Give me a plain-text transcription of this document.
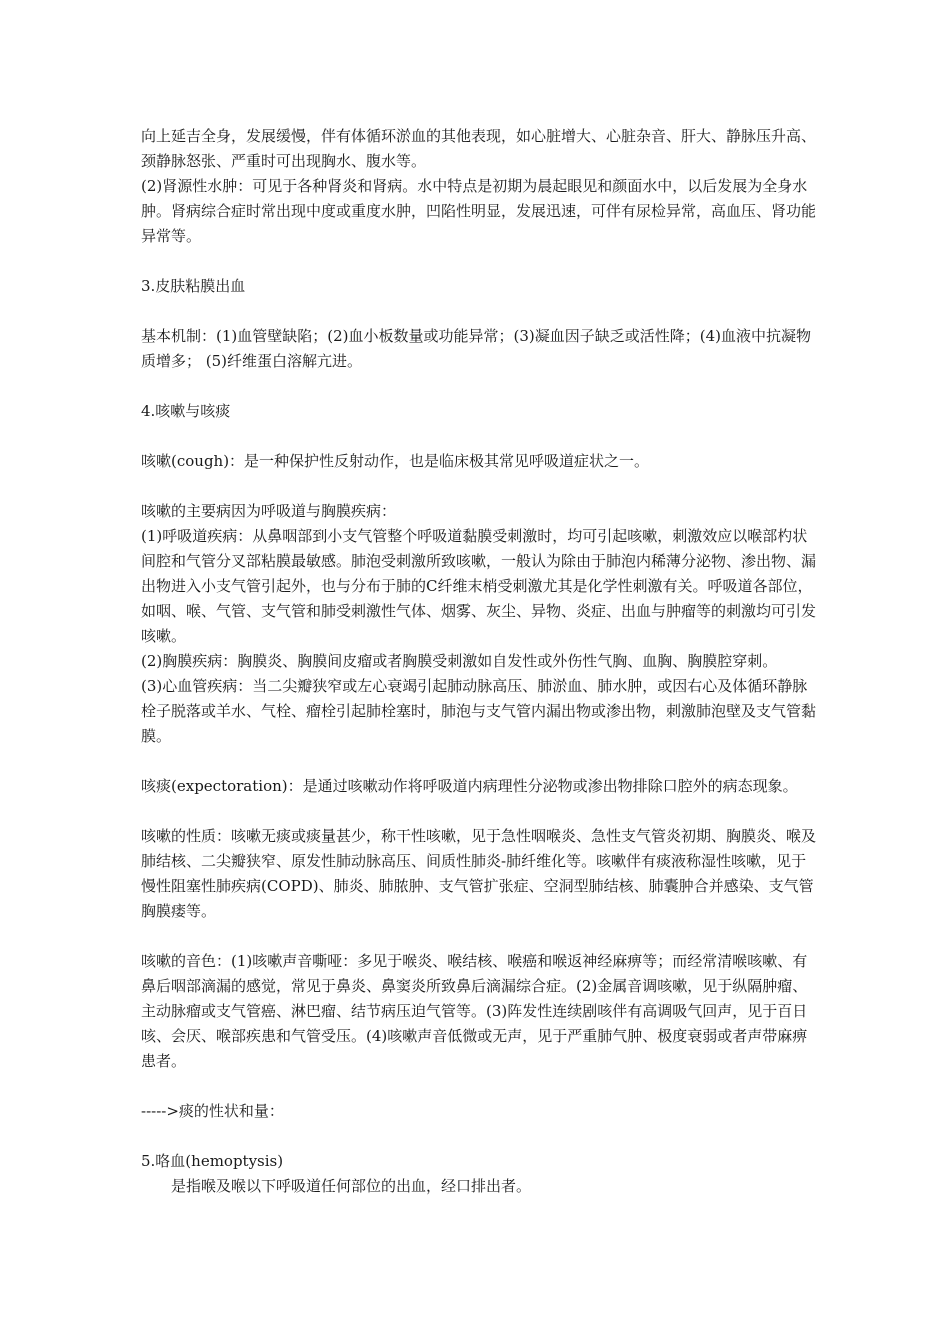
向上延吉全身，发展缓慢，伴有体循环淤血的其他表现，如心脏增大、心脏杂音、肝大、静脉压升高、颈静脉怒张、严重时可出现胸水、腹水等。

(2)肾源性水肿：可见于各种肾炎和肾病。水中特点是初期为晨起眼见和颜面水中，以后发展为全身水肿。肾病综合症时常出现中度或重度水肿，凹陷性明显，发展迅速，可伴有尿检异常，高血压、肾功能异常等。

3.皮肤粘膜出血

基本机制：(1)血管壁缺陷；(2)血小板数量或功能异常；(3)凝血因子缺乏或活性降；(4)血液中抗凝物质增多； (5)纤维蛋白溶解亢进。

4.咳嗽与咳痰

咳嗽(cough)：是一种保护性反射动作，也是临床极其常见呼吸道症状之一。

咳嗽的主要病因为呼吸道与胸膜疾病：

(1)呼吸道疾病：从鼻咽部到小支气管整个呼吸道黏膜受刺激时，均可引起咳嗽，刺激效应以喉部杓状间腔和气管分叉部粘膜最敏感。肺泡受刺激所致咳嗽，一般认为除由于肺泡内稀薄分泌物、渗出物、漏出物进入小支气管引起外，也与分布于肺的C纤维末梢受刺激尤其是化学性刺激有关。呼吸道各部位，如咽、喉、气管、支气管和肺受刺激性气体、烟雾、灰尘、异物、炎症、出血与肿瘤等的刺激均可引发咳嗽。

(2)胸膜疾病：胸膜炎、胸膜间皮瘤或者胸膜受刺激如自发性或外伤性气胸、血胸、胸膜腔穿刺。

(3)心血管疾病：当二尖瓣狭窄或左心衰竭引起肺动脉高压、肺淤血、肺水肿，或因右心及体循环静脉栓子脱落或羊水、气栓、瘤栓引起肺栓塞时，肺泡与支气管内漏出物或渗出物，刺激肺泡壁及支气管黏膜。

咳痰(expectoration)：是通过咳嗽动作将呼吸道内病理性分泌物或渗出物排除口腔外的病态现象。

咳嗽的性质：咳嗽无痰或痰量甚少，称干性咳嗽，见于急性咽喉炎、急性支气管炎初期、胸膜炎、喉及肺结核、二尖瓣狭窄、原发性肺动脉高压、间质性肺炎-肺纤维化等。咳嗽伴有痰液称湿性咳嗽，见于慢性阻塞性肺疾病(COPD)、肺炎、肺脓肿、支气管扩张症、空洞型肺结核、肺囊肿合并感染、支气管胸膜瘘等。

咳嗽的音色：(1)咳嗽声音嘶哑：多见于喉炎、喉结核、喉癌和喉返神经麻痹等；而经常清喉咳嗽、有鼻后咽部滴漏的感觉，常见于鼻炎、鼻窦炎所致鼻后滴漏综合症。(2)金属音调咳嗽，见于纵隔肿瘤、主动脉瘤或支气管癌、淋巴瘤、结节病压迫气管等。(3)阵发性连续剧咳伴有高调吸气回声，见于百日咳、会厌、喉部疾患和气管受压。(4)咳嗽声音低微或无声，见于严重肺气肿、极度衰弱或者声带麻痹患者。

----->痰的性状和量：

5.咯血(hemoptysis)

是指喉及喉以下呼吸道任何部位的出血，经口排出者。
